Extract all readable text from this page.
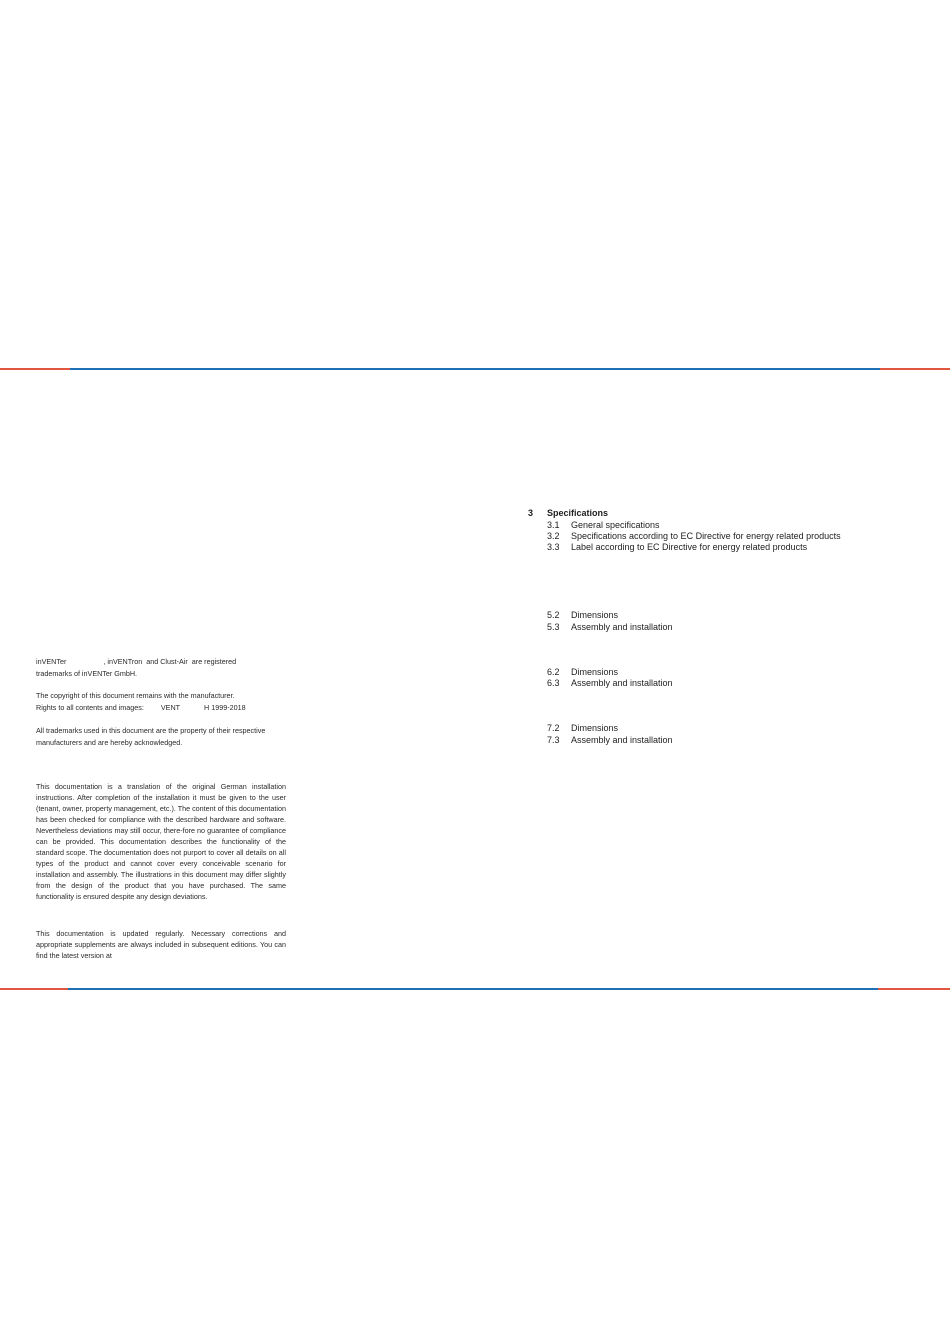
inVENTer	, inVENTron and Clust-Air are registered

trademarks of inVENTer GmbH.

The copyright of this document remains with the manufacturer.

Rights to all contents and images: VENT	H 1999-2018

All trademarks used in this document are the property of their respective

manufacturers and are hereby acknowledged.

This documentation is a translation of the original German installation instructions. After completion of the installation it must be given to the user (tenant, owner, property management, etc.). The content of this documentation has been checked for compliance with the described hardware and software. Nevertheless deviations may still occur, there-fore no guarantee of compliance can be provided. This documentation describes the functionality of the standard scope. The documentation does not purport to cover all details on all types of the product and cannot cover every conceivable scenario for installation and assembly. The illustrations in this document may differ slightly from the design of the product that you have purchased. The same functionality is ensured despite any design deviations.
This documentation is updated regularly. Necessary corrections and appropriate supplements are always included in subsequent editions. You can find the latest version at
3 Specifications
3.1 General specifications
3.2 Specifications according to EC Directive for energy related products
3.3 Label according to EC Directive for energy related products
5.2 Dimensions
5.3 Assembly and installation
6.2 Dimensions
6.3 Assembly and installation
7.2 Dimensions
7.3 Assembly and installation
